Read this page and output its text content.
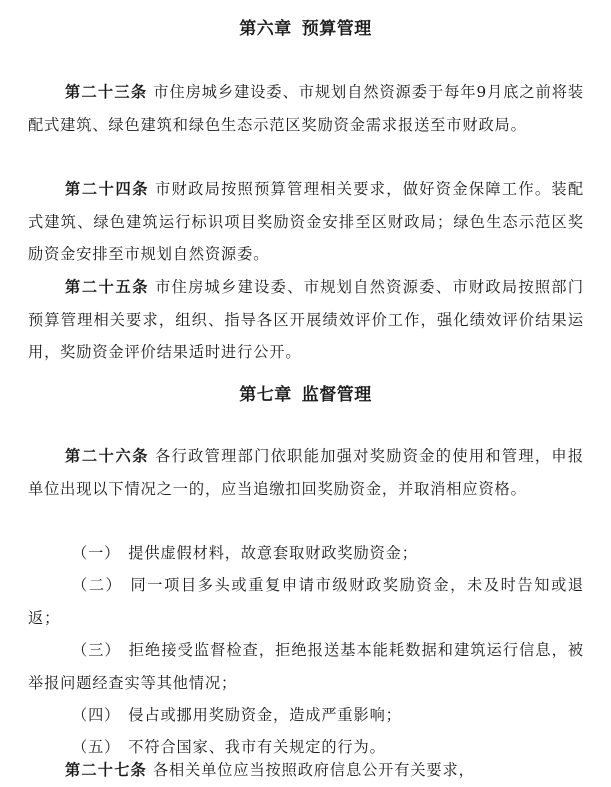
第六章 预算管理
第二十三条 市住房城乡建设委、市规划自然资源委于每年9月底之前将装配式建筑、绿色建筑和绿色生态示范区奖励资金需求报送至市财政局。
第二十四条 市财政局按照预算管理相关要求，做好资金保障工作。装配式建筑、绿色建筑运行标识项目奖励资金安排至区财政局；绿色生态示范区奖励资金安排至市规划自然资源委。
第二十五条 市住房城乡建设委、市规划自然资源委、市财政局按照部门预算管理相关要求，组织、指导各区开展绩效评价工作，强化绩效评价结果运用，奖励资金评价结果适时进行公开。
第七章 监督管理
第二十六条 各行政管理部门依职能加强对奖励资金的使用和管理，申报单位出现以下情况之一的，应当追缴扣回奖励资金，并取消相应资格。
（一） 提供虚假材料，故意套取财政奖励资金；
（二） 同一项目多头或重复申请市级财政奖励资金，未及时告知或退返；
（三） 拒绝接受监督检查，拒绝报送基本能耗数据和建筑运行信息，被举报问题经查实等其他情况；
（四） 侵占或挪用奖励资金，造成严重影响；
（五） 不符合国家、我市有关规定的行为。
第二十七条 各相关单位应当按照政府信息公开有关要求，
